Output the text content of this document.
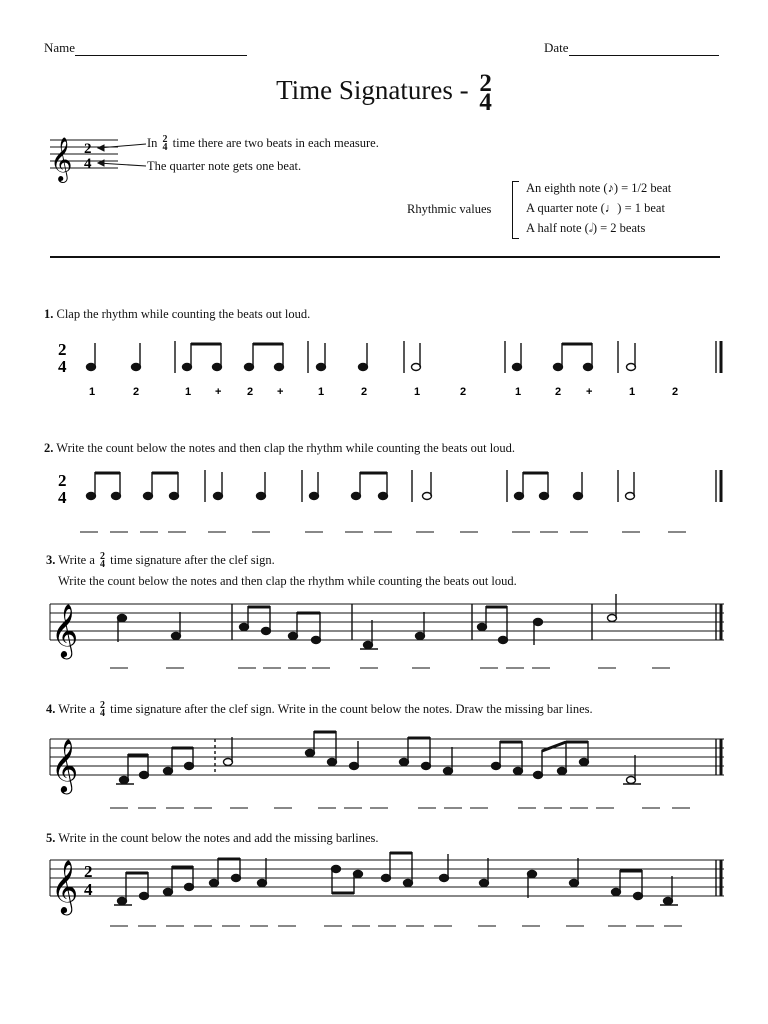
Name	Date
Time Signatures - 2
4
𝄞 2
4
In 2
4 time there are two beats in each measure.
The quarter note gets one beat.
Rhythmic values
An eighth note (♪) = 1/2 beat
A quarter note (♩) = 1 beat
A half note (𝅗𝅥) = 2 beats
1. Clap the rhythm while counting the beats out loud.
2
4
1	2	1 + 2 +	1	2	1	2	1	2 +	1	2
2. Write the count below the notes and then clap the rhythm while counting the beats out loud.
2
4
3. Write a 2
4 time signature after the clef sign.
Write the count below the notes and then clap the rhythm while counting the beats out loud.
𝄞
4. Write a 2
4 time signature after the clef sign. Write in the count below the notes. Draw the missing bar lines.
𝄞
5. Write in the count below the notes and add the missing barlines.
𝄞 2
4
